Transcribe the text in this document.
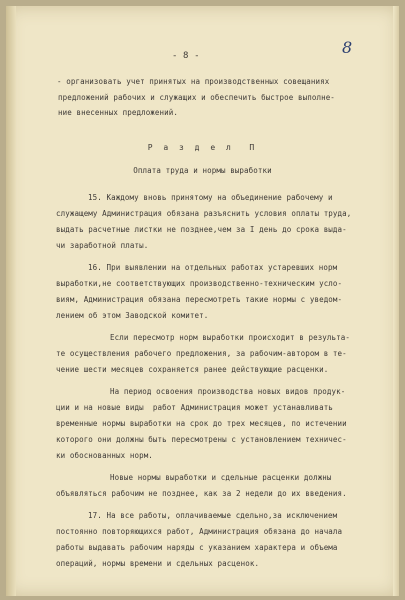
- 8 -	8

- организовать учет принятых на производственных совещаниях

предложений рабочих и служащих и обеспечить быстрое выполне-

ние внесенных предложений.

Р а з д е л  П

Оплата труда и нормы выработки

15. Каждому вновь принятому на объединение рабочему и

служащему Администрация обязана разъяснить условия оплаты труда,

выдать расчетные листки не позднее,чем за I день до срока выда-

чи заработной платы.

16. При выявлении на отдельных работах устаревших норм

выработки,не соответствующих производственно-техническим усло-

виям, Администрация обязана пересмотреть такие нормы с уведом-

лением об этом Заводской комитет.

Если пересмотр норм выработки происходит в результа-

те осуществления рабочего предложения, за рабочим-автором в те-

чение шести месяцев сохраняется ранее действующие расценки.

На период освоения производства новых видов продук-

ции и на новые виды  работ Администрация может устанавливать

временные нормы выработки на срок до трех месяцев, по истечении

которого они должны быть пересмотрены с установлением техничес-

ки обоснованных норм.

Новые нормы выработки и сдельные расценки должны

объявляться рабочим не позднее, как за 2 недели до их введения.

17. На все работы, оплачиваемые сдельно,за исключением

постоянно повторяющихся работ, Администрация обязана до начала

работы выдавать рабочим наряды с указанием характера и объема

операций, нормы времени и сдельных расценок.
